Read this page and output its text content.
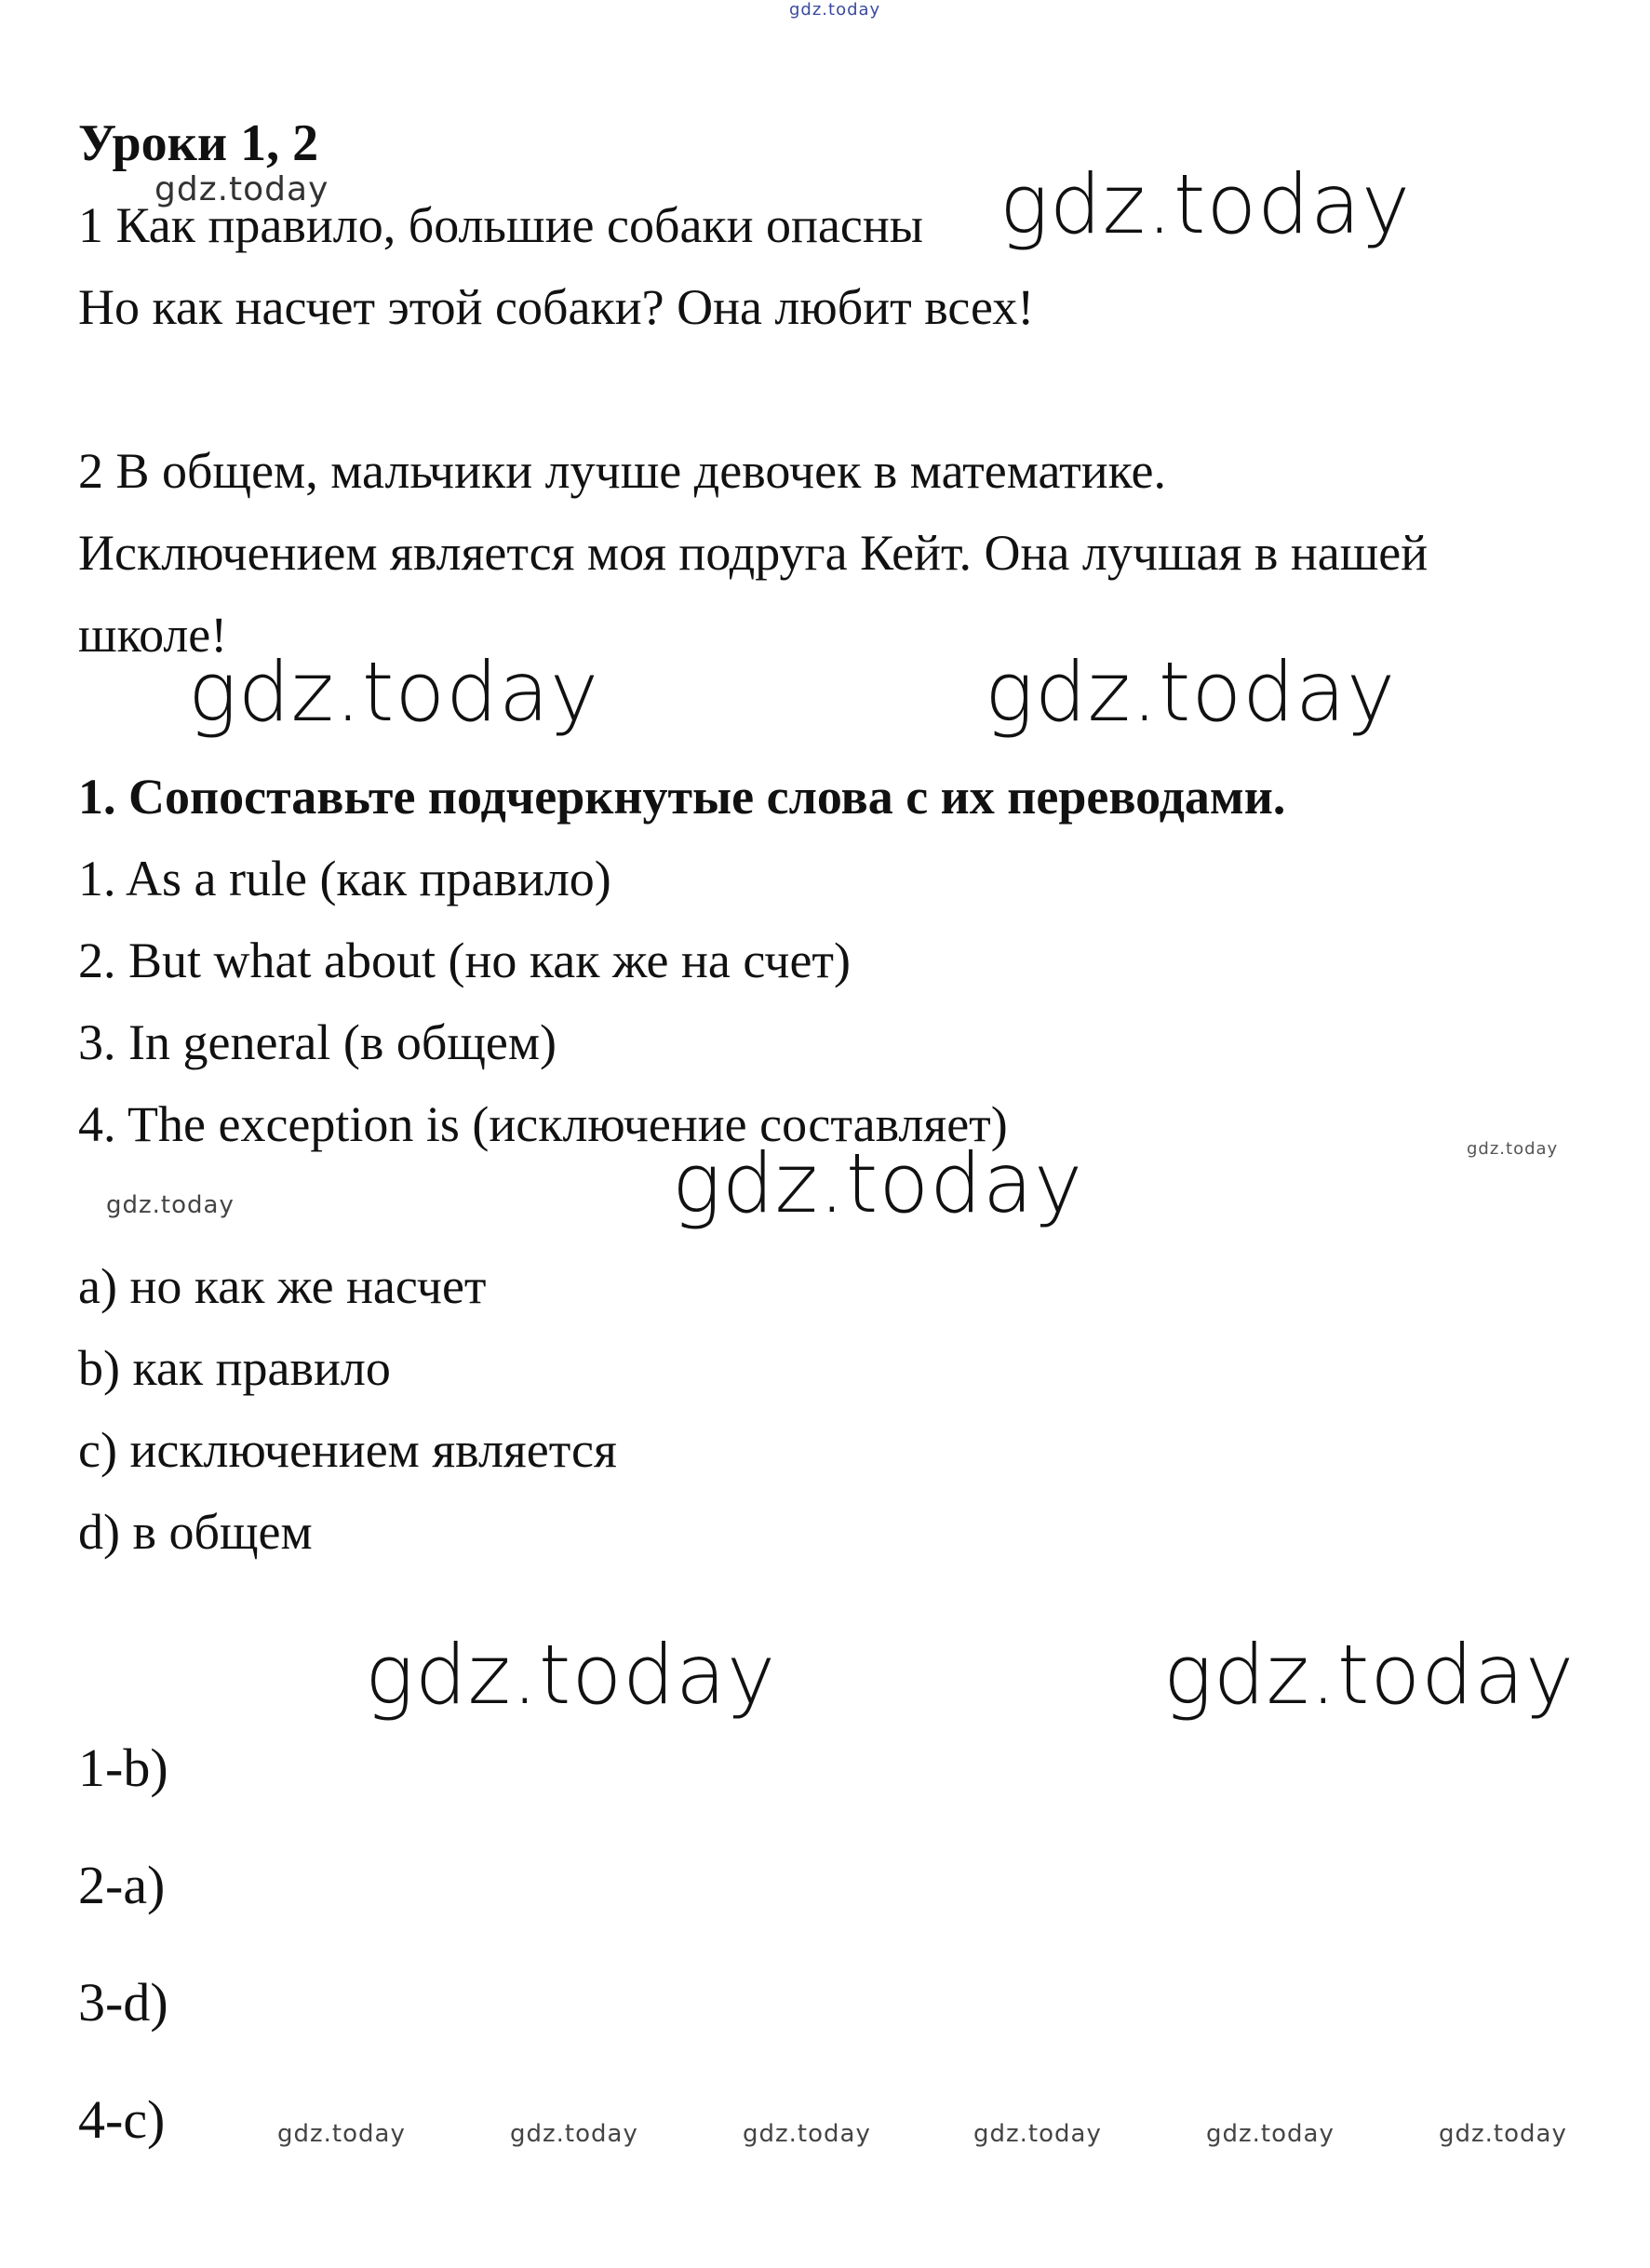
gdz.today
Уроки 1, 2

1 Как правило, большие собаки опасны

Но как насчет этой собаки? Она любит всех!

2 В общем, мальчики лучше девочек в математике.

Исключением является моя подруга Кейт. Она лучшая в нашей

школе!

1. Сопоставьте подчеркнутые слова с их переводами.

1. As a rule (как правило)

2. But what about (но как же на счет)

3. In general (в общем)

4. The exception is (исключение составляет)

а) но как же насчет

b) как правило

c) исключением является

d) в общем

1-b)

2-a)

3-d)

4-c)

gdz.today	gdz.today
gdz.today	gdz.today
gdz.today
gdz.today
gdz.today
gdz.today	gdz.today
gdz.today	gdz.today	gdz.today	gdz.today	gdz.today	gdz.today
